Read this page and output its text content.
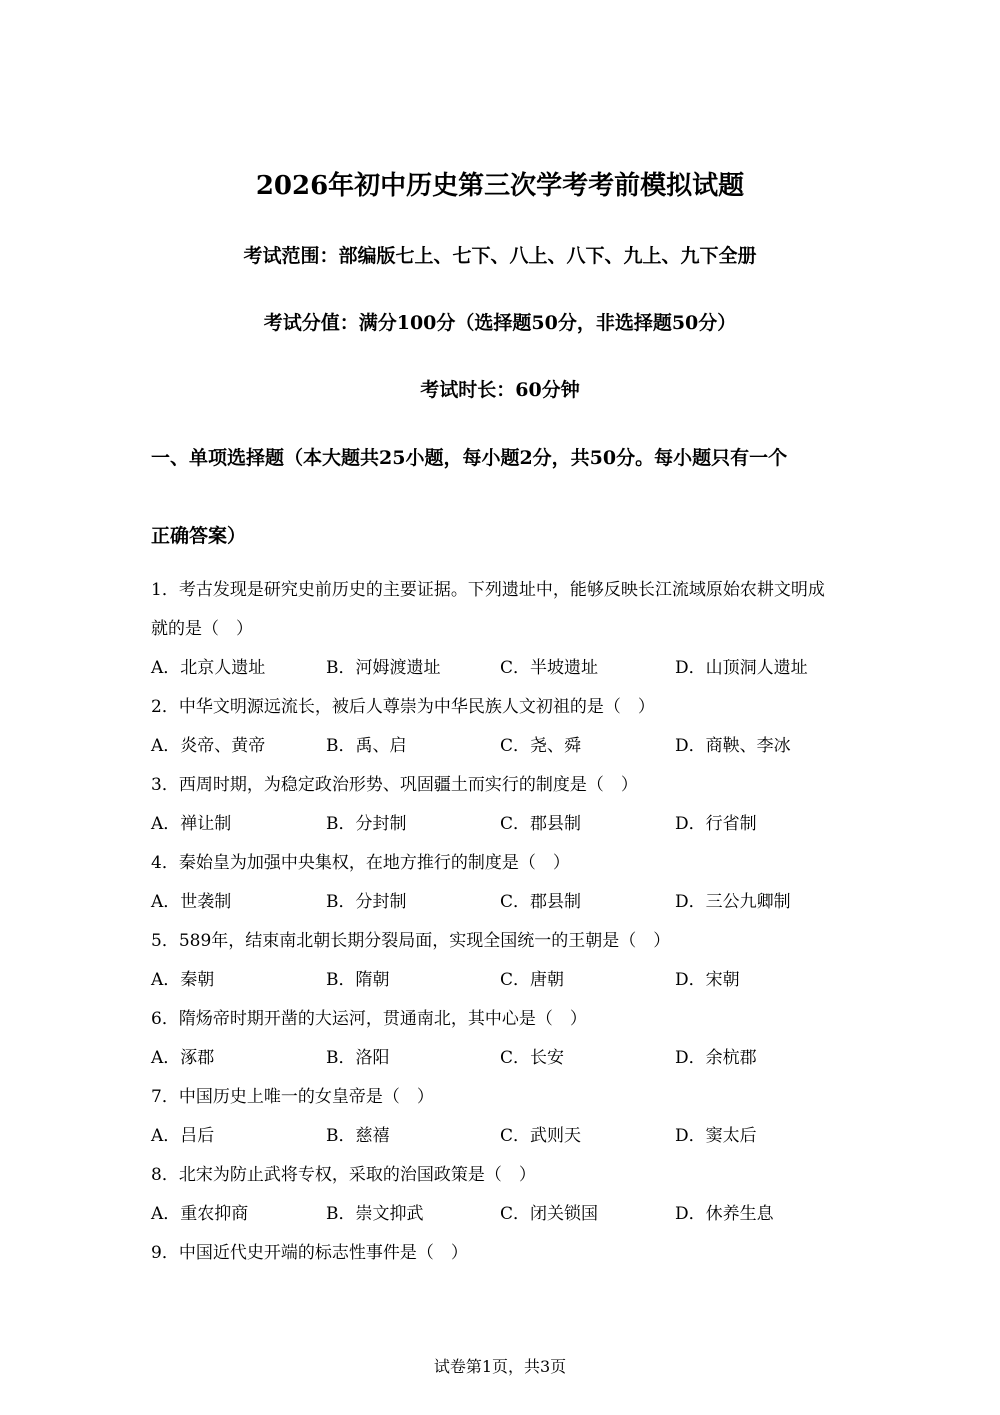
2026年初中历史第三次学考考前模拟试题
考试范围：部编版七上、七下、八上、八下、九上、九下全册
考试分值：满分100分（选择题50分，非选择题50分）
考试时长：60分钟
一、单项选择题（本大题共25小题，每小题2分，共50分。每小题只有一个
正确答案）
1．考古发现是研究史前历史的主要证据。下列遗址中，能够反映长江流域原始农耕文明成
就的是（　）
A．北京人遗址	B．河姆渡遗址	C．半坡遗址	D．山顶洞人遗址
2．中华文明源远流长，被后人尊崇为中华民族人文初祖的是（　）
A．炎帝、黄帝	B．禹、启	C．尧、舜	D．商鞅、李冰
3．西周时期，为稳定政治形势、巩固疆土而实行的制度是（　）
A．禅让制	B．分封制	C．郡县制	D．行省制
4．秦始皇为加强中央集权，在地方推行的制度是（　）
A．世袭制	B．分封制	C．郡县制	D．三公九卿制
5．589年，结束南北朝长期分裂局面，实现全国统一的王朝是（　）
A．秦朝	B．隋朝	C．唐朝	D．宋朝
6．隋炀帝时期开凿的大运河，贯通南北，其中心是（　）
A．涿郡	B．洛阳	C．长安	D．余杭郡
7．中国历史上唯一的女皇帝是（　）
A．吕后	B．慈禧	C．武则天	D．窦太后
8．北宋为防止武将专权，采取的治国政策是（　）
A．重农抑商	B．崇文抑武	C．闭关锁国	D．休养生息
9．中国近代史开端的标志性事件是（　）
试卷第1页，共3页
